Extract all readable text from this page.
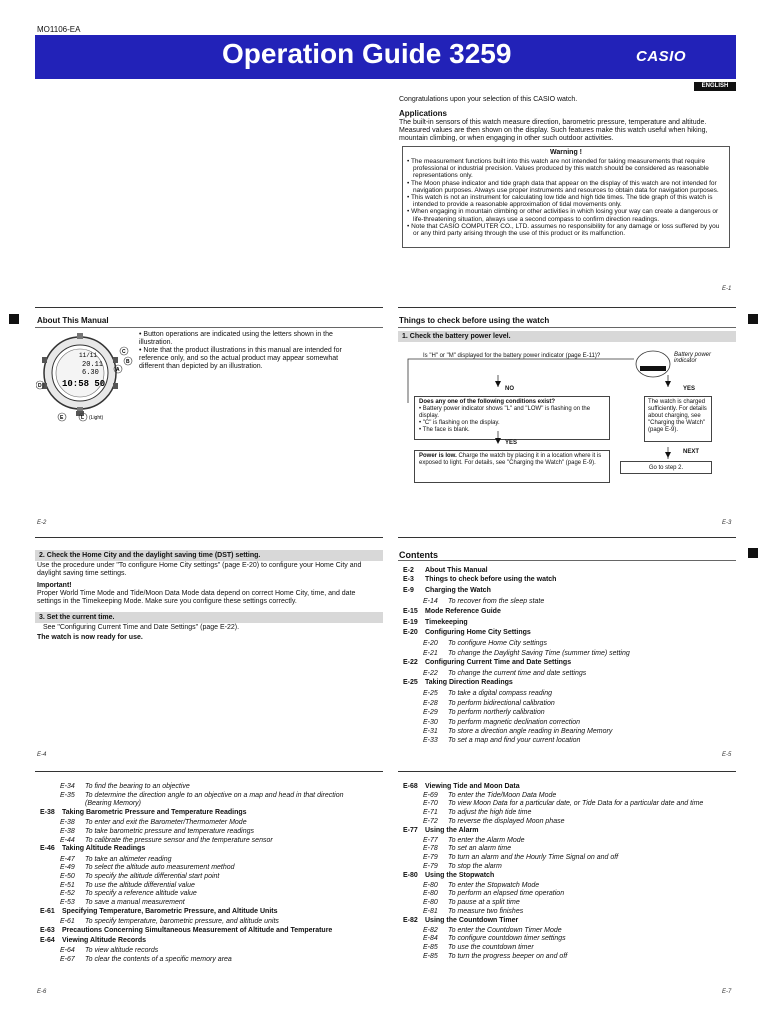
MO1106-EA
Operation Guide 3259	CASIO
ENGLISH
Congratulations upon your selection of this CASIO watch.
Applications
The built-in sensors of this watch measure direction, barometric pressure, temperature and altitude. Measured values are then shown on the display. Such features make this watch useful when hiking, mountain climbing, or when engaging in other such outdoor activities.
Warning !
• The measurement functions built into this watch are not intended for taking measurements that require professional or industrial precision. Values produced by this watch should be considered as reasonable representations only.
• The Moon phase indicator and tide graph data that appear on the display of this watch are not intended for navigation purposes. Always use proper instruments and resources to obtain data for navigation purposes.
• This watch is not an instrument for calculating low tide and high tide times. The tide graph of this watch is intended to provide a reasonable approximation of tidal movements only.
• When engaging in mountain climbing or other activities in which losing your way can create a dangerous or life-threatening situation, always use a second compass to confirm direction readings.
• Note that CASIO COMPUTER CO., LTD. assumes no responsibility for any damage or loss suffered by you or any third party arising through the use of this product or its malfunction.
E-1
About This Manual
• Button operations are indicated using the letters shown in the illustration.
• Note that the product illustrations in this manual are intended for reference only, and so the actual product may appear somewhat different than depicted by an illustration.
11/11
20.11
6.30
10:58 50
C
B
A
D
E	L (Light)
E-2
Things to check before using the watch
1. Check the battery power level.
Is "H" or "M" displayed for the battery power indicator (page E-11)?	Battery power indicator
NO	YES
Does any one of the following conditions exist?
• Battery power indicator shows "L" and "LOW" is flashing on the display.
• "C" is flashing on the display.
• The face is blank.
The watch is charged sufficiently. For details about charging, see "Charging the Watch" (page E-9).
YES
NEXT
Power is low. Charge the watch by placing it in a location where it is exposed to light. For details, see "Charging the Watch" (page E-9).
Go to step 2.
E-3
2. Check the Home City and the daylight saving time (DST) setting.
Use the procedure under "To configure Home City settings" (page E-20) to configure your Home City and daylight saving time settings.
Important!
Proper World Time Mode and Tide/Moon Data Mode data depend on correct Home City, time, and date settings in the Timekeeping Mode. Make sure you configure these settings correctly.
3. Set the current time.
See "Configuring Current Time and Date Settings" (page E-22).
The watch is now ready for use.
E-4
Contents
E-2 About This Manual
E-3 Things to check before using the watch
E-9 Charging the Watch
E-14 To recover from the sleep state
E-15 Mode Reference Guide
E-19 Timekeeping
E-20 Configuring Home City Settings
E-20 To configure Home City settings
E-21 To change the Daylight Saving Time (summer time) setting
E-22 Configuring Current Time and Date Settings
E-22 To change the current time and date settings
E-25 Taking Direction Readings
E-25 To take a digital compass reading
E-28 To perform bidirectional calibration
E-29 To perform northerly calibration
E-30 To perform magnetic declination correction
E-31 To store a direction angle reading in Bearing Memory
E-33 To set a map and find your current location
E-5
E-34 To find the bearing to an objective
E-35 To determine the direction angle to an objective on a map and head in that direction
(Bearing Memory)
E-38 Taking Barometric Pressure and Temperature Readings
E-38 To enter and exit the Barometer/Thermometer Mode
E-38 To take barometric pressure and temperature readings
E-44 To calibrate the pressure sensor and the temperature sensor
E-46 Taking Altitude Readings
E-47 To take an altimeter reading
E-49 To select the altitude auto measurement method
E-50 To specify the altitude differential start point
E-51 To use the altitude differential value
E-52 To specify a reference altitude value
E-53 To save a manual measurement
E-61 Specifying Temperature, Barometric Pressure, and Altitude Units
E-61 To specify temperature, barometric pressure, and altitude units
E-63 Precautions Concerning Simultaneous Measurement of Altitude and Temperature
E-64 Viewing Altitude Records
E-64 To view altitude records
E-67 To clear the contents of a specific memory area
E-6
E-68 Viewing Tide and Moon Data
E-69 To enter the Tide/Moon Data Mode
E-70 To view Moon Data for a particular date, or Tide Data for a particular date and time
E-71 To adjust the high tide time
E-72 To reverse the displayed Moon phase
E-77 Using the Alarm
E-77 To enter the Alarm Mode
E-78 To set an alarm time
E-79 To turn an alarm and the Hourly Time Signal on and off
E-79 To stop the alarm
E-80 Using the Stopwatch
E-80 To enter the Stopwatch Mode
E-80 To perform an elapsed time operation
E-80 To pause at a split time
E-81 To measure two finishes
E-82 Using the Countdown Timer
E-82 To enter the Countdown Timer Mode
E-84 To configure countdown timer settings
E-85 To use the countdown timer
E-85 To turn the progress beeper on and off
E-7
